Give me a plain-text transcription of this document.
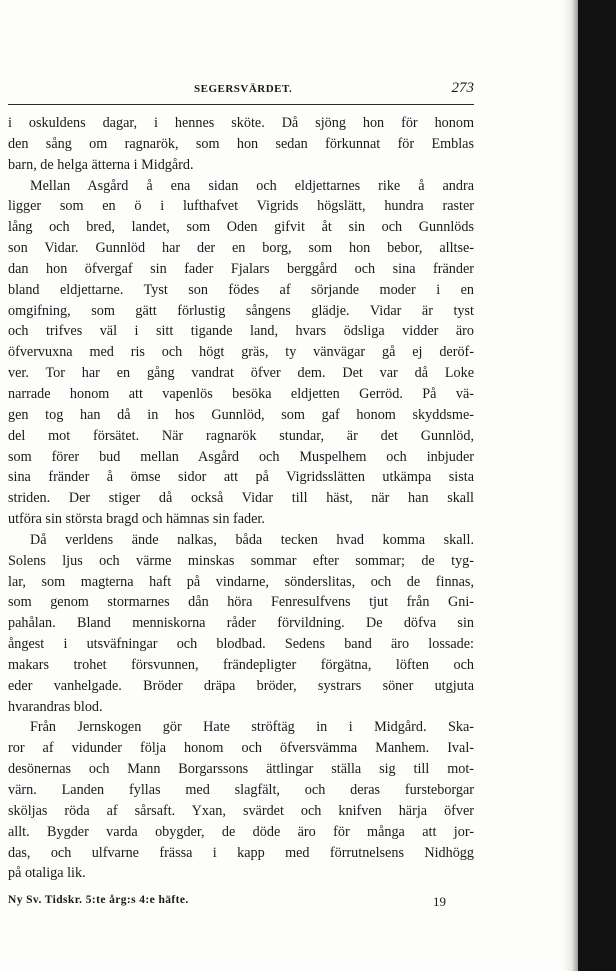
SEGERSVÄRDET.	273
i oskuldens dagar, i hennes sköte. Då sjöng hon för honom
den sång om ragnarök, som hon sedan förkunnat för Emblas
barn, de helga ätterna i Midgård.
Mellan Asgård å ena sidan och eldjettarnes rike å andra
ligger som en ö i lufthafvet Vigrids högslätt, hundra raster
lång och bred, landet, som Oden gifvit åt sin och Gunnlöds
son Vidar. Gunnlöd har der en borg, som hon bebor, alltse-
dan hon öfvergaf sin fader Fjalars berggård och sina fränder
bland eldjettarne. Tyst son födes af sörjande moder i en
omgifning, som gätt förlustig sångens glädje. Vidar är tyst
och trifves väl i sitt tigande land, hvars ödsliga vidder äro
öfvervuxna med ris och högt gräs, ty vänvägar gå ej deröf-
ver. Tor har en gång vandrat öfver dem. Det var då Loke
narrade honom att vapenlös besöka eldjetten Gerröd. På vä-
gen tog han då in hos Gunnlöd, som gaf honom skyddsme-
del mot försätet. När ragnarök stundar, är det Gunnlöd,
som förer bud mellan Asgård och Muspelhem och inbjuder
sina fränder å ömse sidor att på Vigridsslätten utkämpa sista
striden. Der stiger då också Vidar till häst, när han skall
utföra sin största bragd och hämnas sin fader.
Då verldens ände nalkas, båda tecken hvad komma skall.
Solens ljus och värme minskas sommar efter sommar; de tyg-
lar, som magterna haft på vindarne, sönderslitas, och de finnas,
som genom stormarnes dån höra Fenresulfvens tjut från Gni-
pahålan. Bland menniskorna råder förvildning. De döfva sin
ångest i utsväfningar och blodbad. Sedens band äro lossade:
makars trohet försvunnen, frändepligter förgätna, löften och
eder vanhelgade. Bröder dräpa bröder, systrars söner utgjuta
hvarandras blod.
Från Jernskogen gör Hate ströftäg in i Midgård. Ska-
ror af vidunder följa honom och öfversvämma Manhem. Ival-
desönernas och Mann Borgarssons ättlingar ställa sig till mot-
värn. Landen fyllas med slagfält, och deras fursteborgar
sköljas röda af sårsaft. Yxan, svärdet och knifven härja öfver
allt. Bygder varda obygder, de döde äro för många att jor-
das, och ulfvarne frässa i kapp med förrutnelsens Nidhögg
på otaliga lik.
Ny Sv. Tidskr. 5:te årg:s 4:e häfte.	19
